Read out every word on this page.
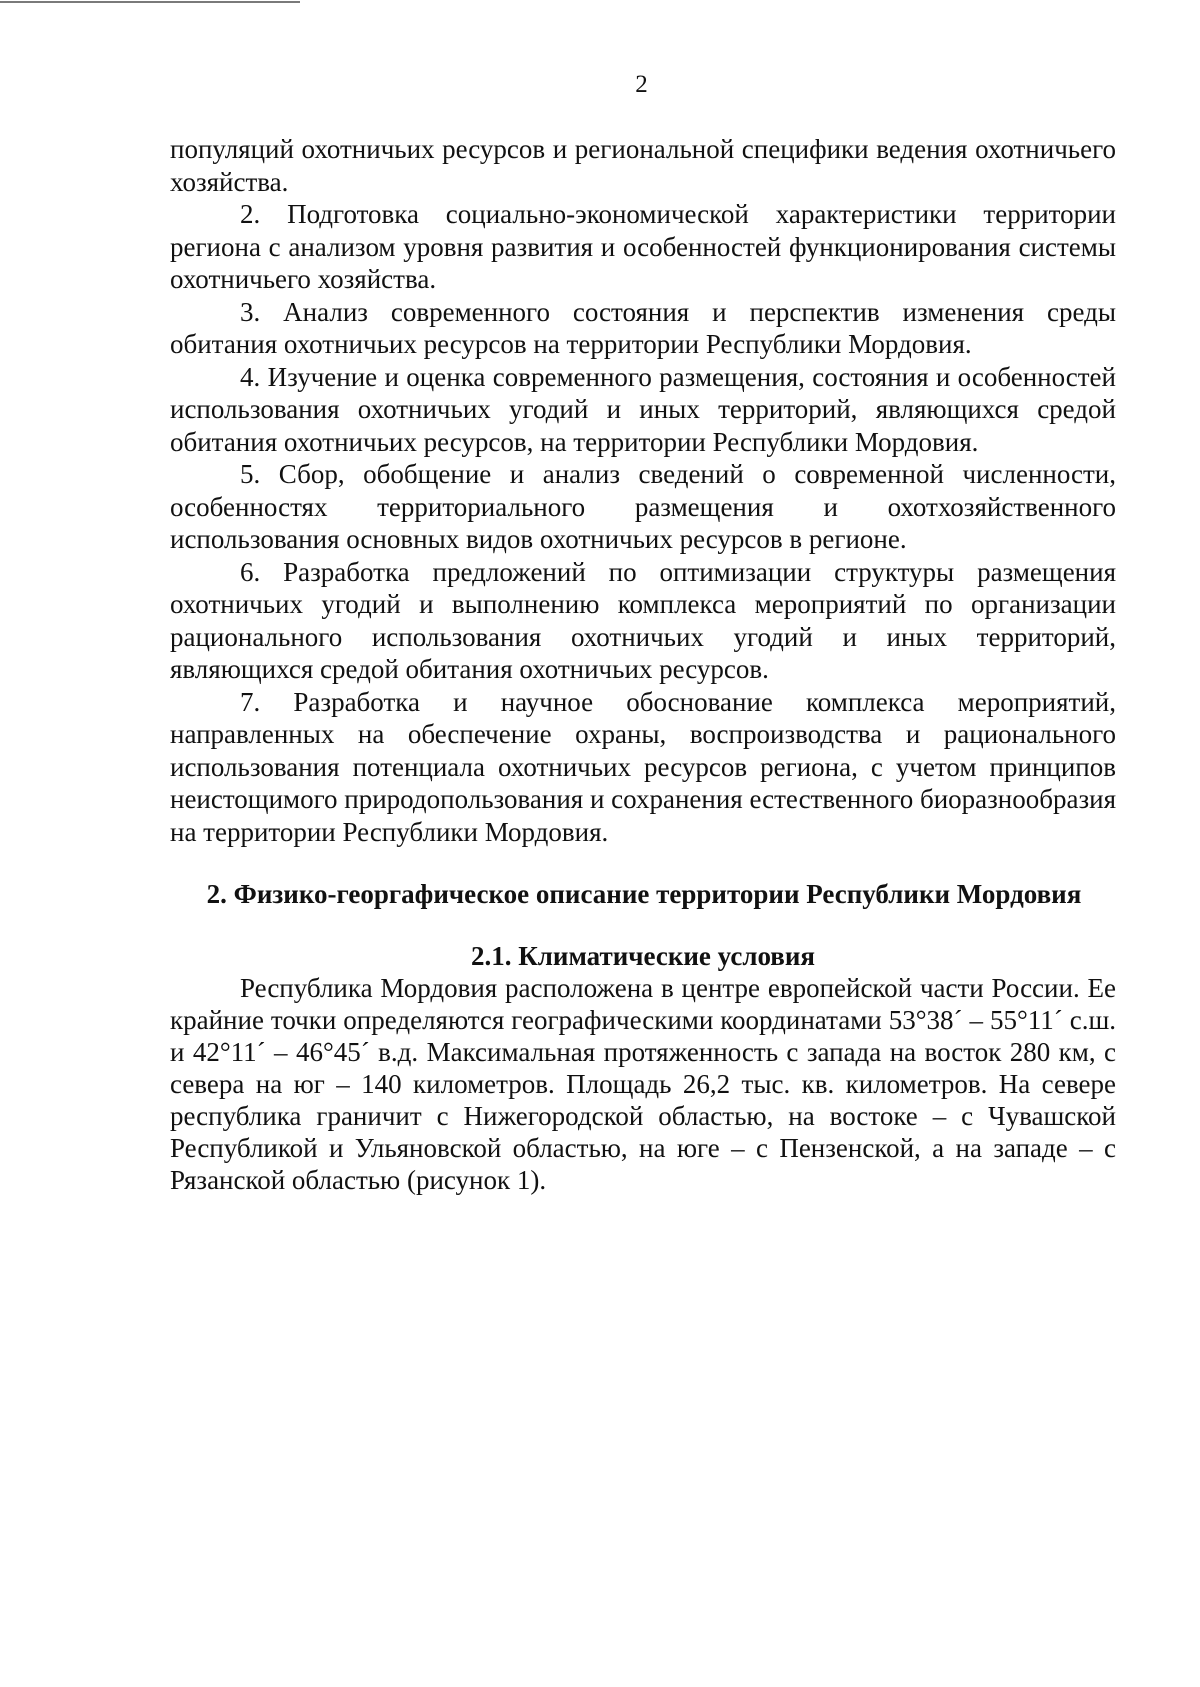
2

популяций охотничьих ресурсов и региональной специфики ведения охотничьего хозяйства.

2. Подготовка социально-экономической характеристики территории региона с анализом уровня развития и особенностей функционирования системы охотничьего хозяйства.

3. Анализ современного состояния и перспектив изменения среды обитания охотничьих ресурсов на территории Республики Мордовия.

4. Изучение и оценка современного размещения, состояния и особенностей использования охотничьих угодий и иных территорий, являющихся средой обитания охотничьих ресурсов, на территории Республики Мордовия.

5. Сбор, обобщение и анализ сведений о современной численности, особенностях территориального размещения и охотхозяйственного использования основных видов охотничьих ресурсов в регионе.

6. Разработка предложений по оптимизации структуры размещения охотничьих угодий и выполнению комплекса мероприятий по организации рационального использования охотничьих угодий и иных территорий, являющихся средой обитания охотничьих ресурсов.

7. Разработка и научное обоснование комплекса мероприятий, направленных на обеспечение охраны, воспроизводства и рационального использования потенциала охотничьих ресурсов региона, с учетом принципов неистощимого природопользования и сохранения естественного биоразнообразия на территории Республики Мордовия.

2. Физико-георгафическое описание территории Республики Мордовия
2.1. Климатические условия

Республика Мордовия расположена в центре европейской части России. Ее крайние точки определяются географическими координатами 53°38´ – 55°11´ с.ш. и 42°11´ – 46°45´ в.д. Максимальная протяженность с запада на восток 280 км, с севера на юг – 140 километров. Площадь 26,2 тыс. кв. километров. На севере республика граничит с Нижегородской областью, на востоке – с Чувашской Республикой и Ульяновской областью, на юге – с Пензенской, а на западе – с Рязанской областью (рисунок 1).
